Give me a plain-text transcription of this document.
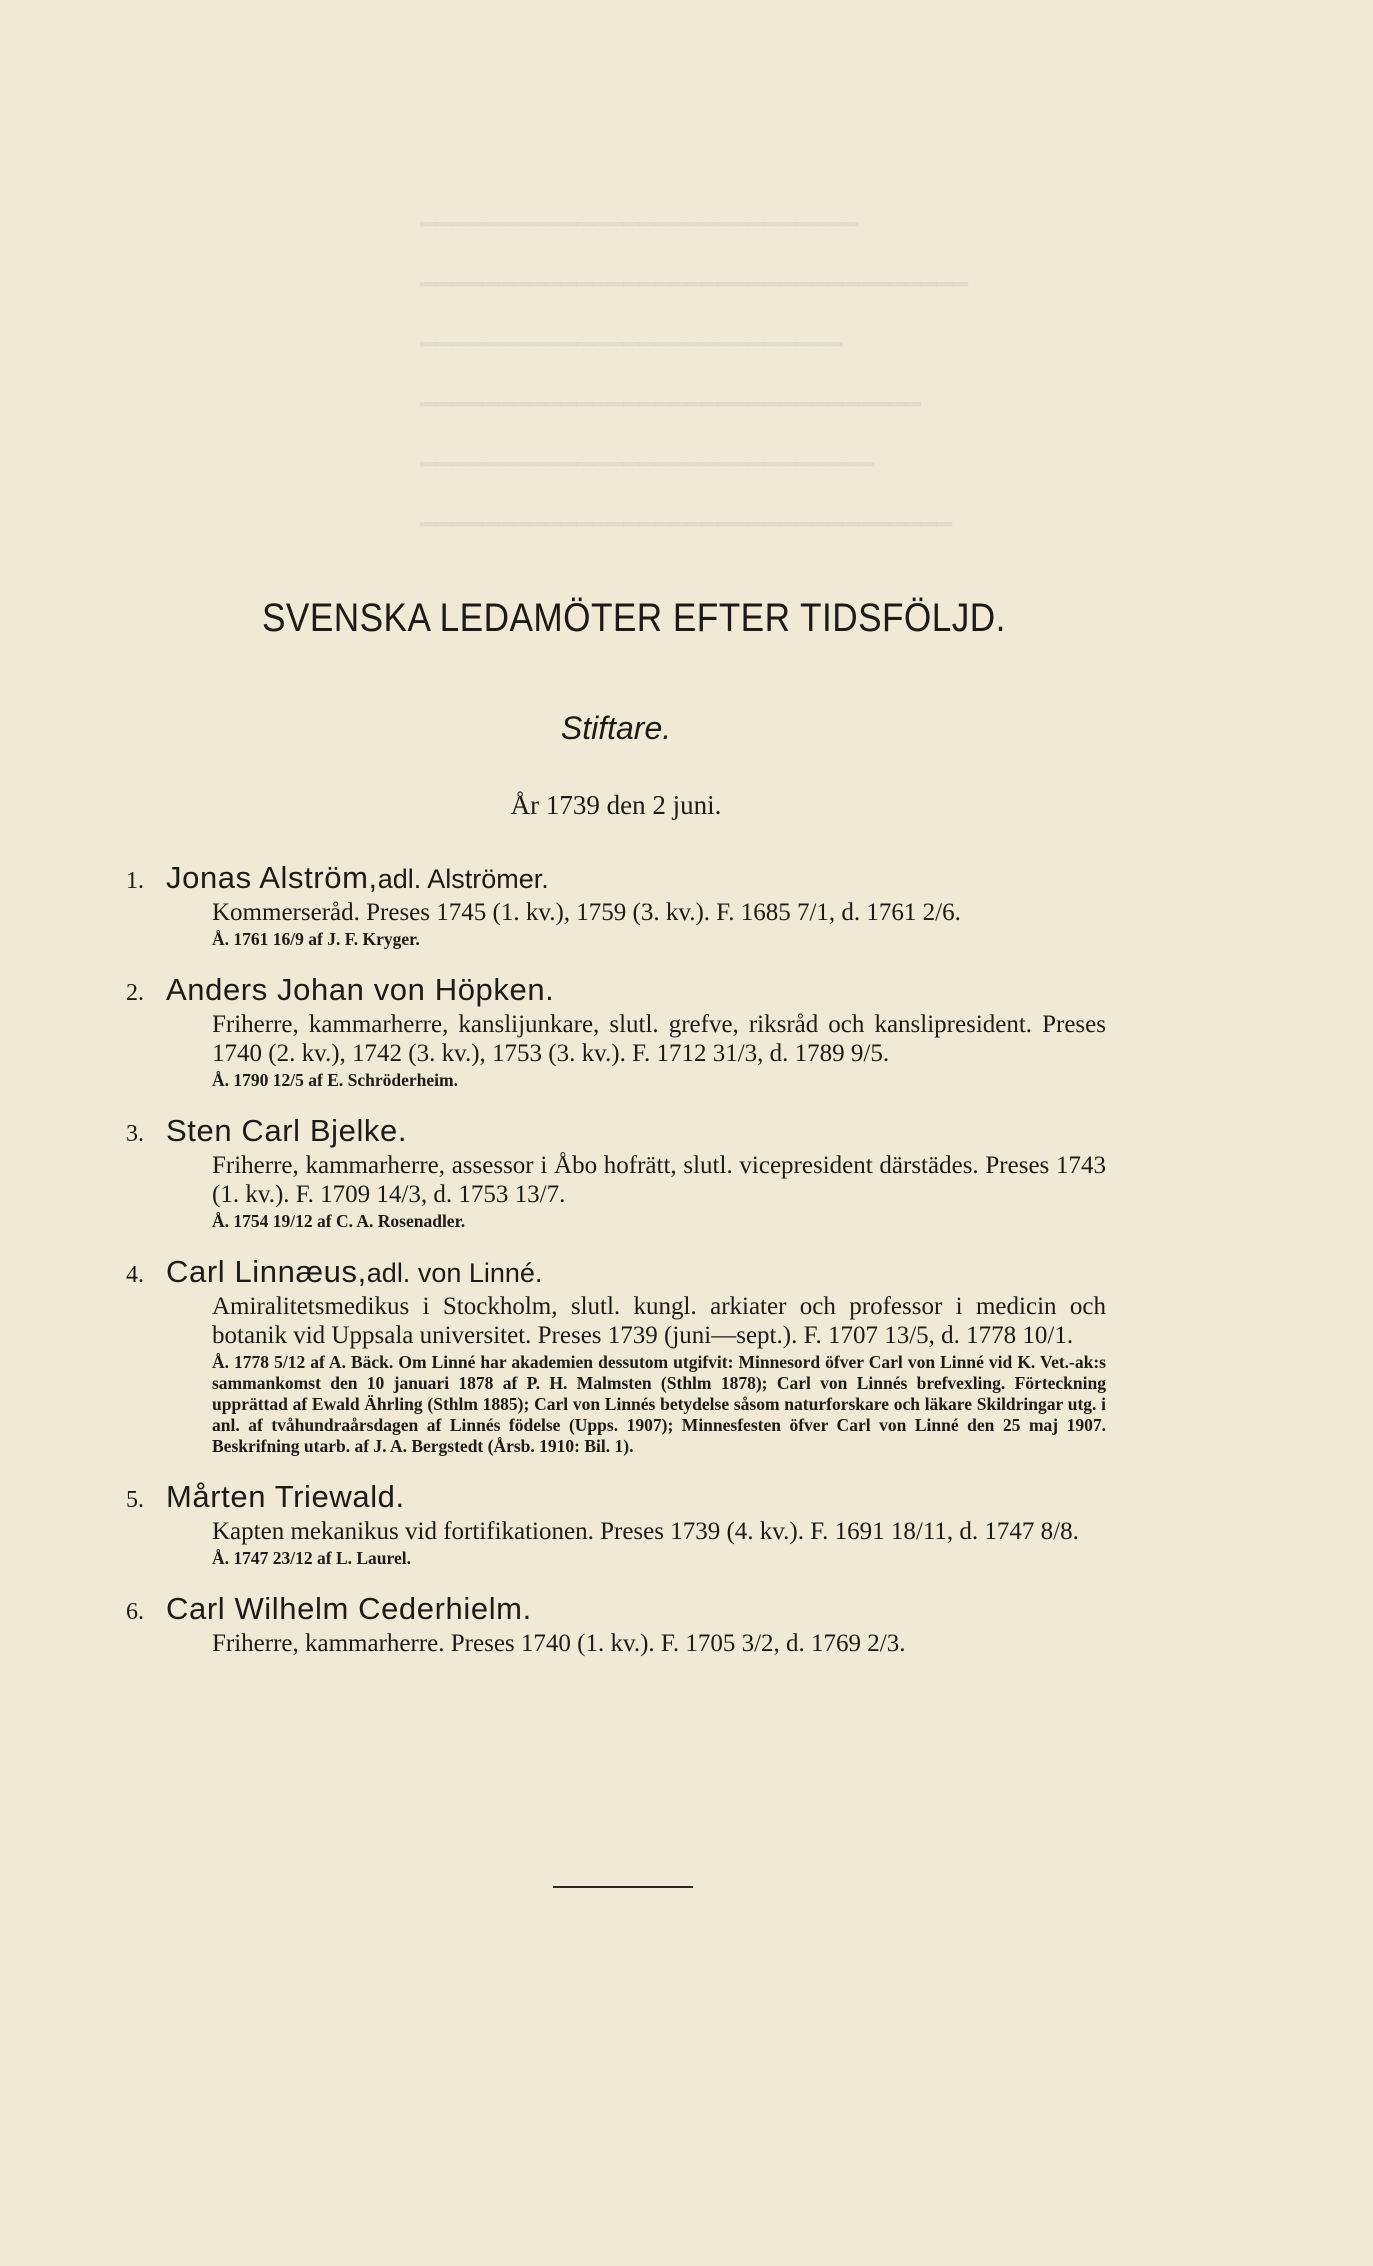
━━━━━━━━━━━━━━━━━━━━━━━━━━━━
━━━━━━━━━━━━━━━━━━━━━━━━━━━━━━━━━━━
━━━━━━━━━━━━━━━━━━━━━━━━━━━
━━━━━━━━━━━━━━━━━━━━━━━━━━━━━━━━
━━━━━━━━━━━━━━━━━━━━━━━━━━━━━
━━━━━━━━━━━━━━━━━━━━━━━━━━━━━━━━━━
SVENSKA LEDAMÖTER EFTER TIDSFÖLJD.
Stiftare.
År 1739 den 2 juni.
1. Jonas Alström, adl. Alströmer.
Kommerseråd. Preses 1745 (1. kv.), 1759 (3. kv.). F. 1685 7/1, d. 1761 2/6.
Å. 1761 16/9 af J. F. Kryger.
2. Anders Johan von Höpken.
Friherre, kammarherre, kanslijunkare, slutl. grefve, riksråd och kanslipresident. Preses 1740 (2. kv.), 1742 (3. kv.), 1753 (3. kv.). F. 1712 31/3, d. 1789 9/5.
Å. 1790 12/5 af E. Schröderheim.
3. Sten Carl Bjelke.
Friherre, kammarherre, assessor i Åbo hofrätt, slutl. vicepresident därstädes. Preses 1743 (1. kv.). F. 1709 14/3, d. 1753 13/7.
Å. 1754 19/12 af C. A. Rosenadler.
4. Carl Linnæus, adl. von Linné.
Amiralitetsmedikus i Stockholm, slutl. kungl. arkiater och professor i medicin och botanik vid Uppsala universitet. Preses 1739 (juni—sept.). F. 1707 13/5, d. 1778 10/1.
Å. 1778 5/12 af A. Bäck. Om Linné har akademien dessutom utgifvit: Minnesord öfver Carl von Linné vid K. Vet.-ak:s sammankomst den 10 januari 1878 af P. H. Malmsten (Sthlm 1878); Carl von Linnés brefvexling. Förteckning upprättad af Ewald Ährling (Sthlm 1885); Carl von Linnés betydelse såsom naturforskare och läkare Skildringar utg. i anl. af tvåhundraårsdagen af Linnés födelse (Upps. 1907); Minnesfesten öfver Carl von Linné den 25 maj 1907. Beskrifning utarb. af J. A. Bergstedt (Årsb. 1910: Bil. 1).
5. Mårten Triewald.
Kapten mekanikus vid fortifikationen. Preses 1739 (4. kv.). F. 1691 18/11, d. 1747 8/8.
Å. 1747 23/12 af L. Laurel.
6. Carl Wilhelm Cederhielm.
Friherre, kammarherre. Preses 1740 (1. kv.). F. 1705 3/2, d. 1769 2/3.
